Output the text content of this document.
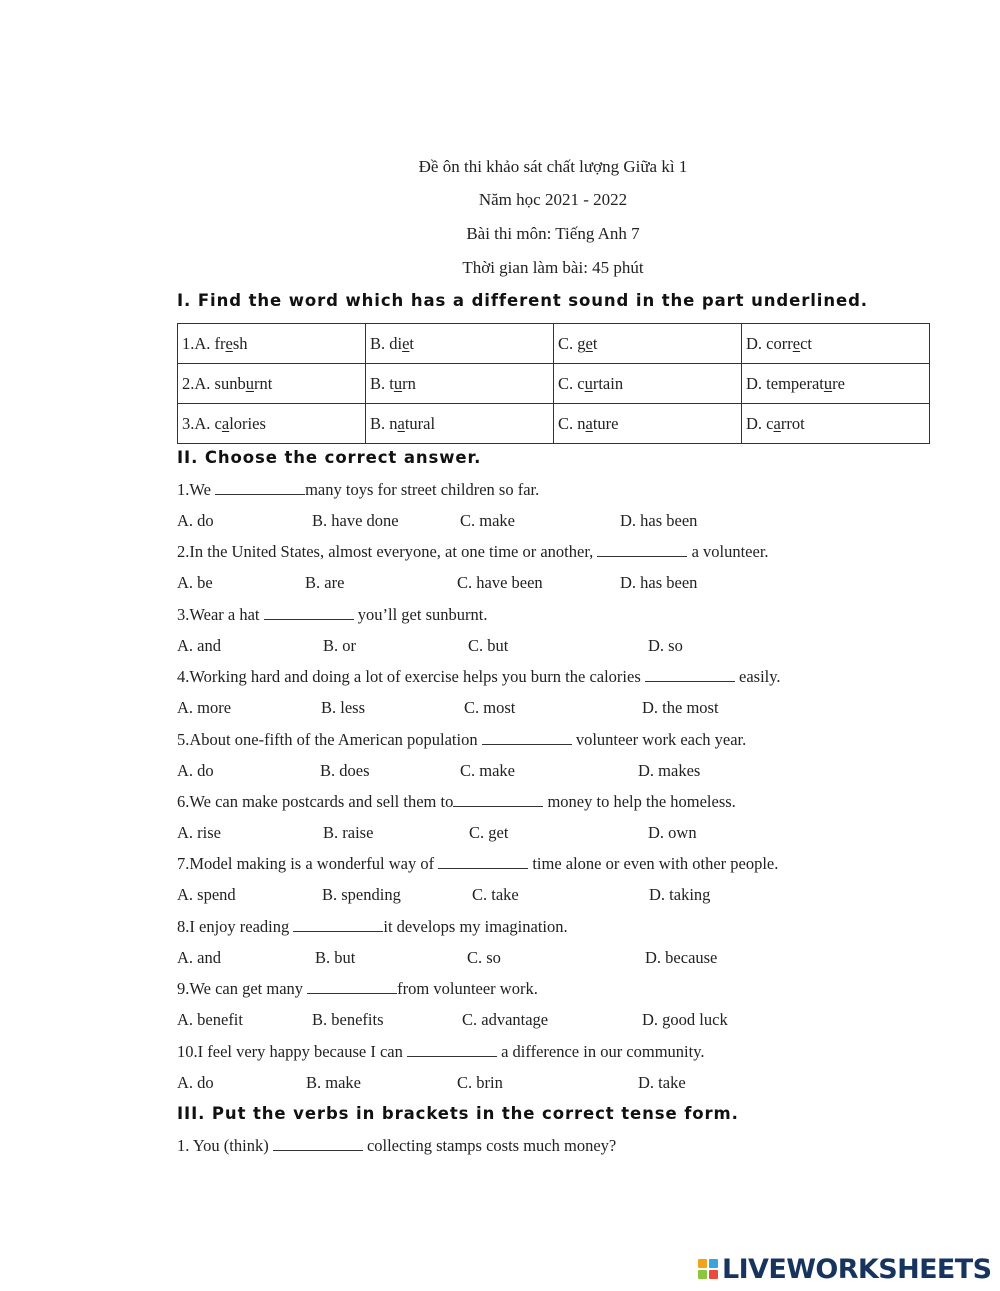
Đề ôn thi khảo sát chất lượng Giữa kì 1
Năm học 2021 - 2022
Bài thi môn: Tiếng Anh 7
Thời gian làm bài: 45 phút
I. Find the word which has a different sound in the part underlined.
1.A. fresh	B. diet	C. get	D. correct
2.A. sunburnt	B. turn	C. curtain	D. temperature
3.A. calories	B. natural	C. nature	D. carrot
II. Choose the correct answer.
1.We	many toys for street children so far.
A. do	B. have done	C. make	D. has been
2.In the United States, almost everyone, at one time or another,	a volunteer.
A. be	B. are	C. have been	D. has been
3.Wear a hat	you’ll get sunburnt.
A. and	B. or	C. but	D. so
4.Working hard and doing a lot of exercise helps you burn the calories	easily.
A. more	B. less	C. most	D. the most
5.About one-fifth of the American population	volunteer work each year.
A. do	B. does	C. make	D. makes
6.We can make postcards and sell them to	money to help the homeless.
A. rise	B. raise	C. get	D. own
7.Model making is a wonderful way of	time alone or even with other people.
A. spend	B. spending	C. take	D. taking
8.I enjoy reading	it develops my imagination.
A. and	B. but	C. so	D. because
9.We can get many	from volunteer work.
A. benefit	B. benefits	C. advantage	D. good luck
10.I feel very happy because I can	a difference in our community.
A. do	B. make	C. brin	D. take
III. Put the verbs in brackets in the correct tense form.
1. You (think)	collecting stamps costs much money?
LIVEWORKSHEETS
